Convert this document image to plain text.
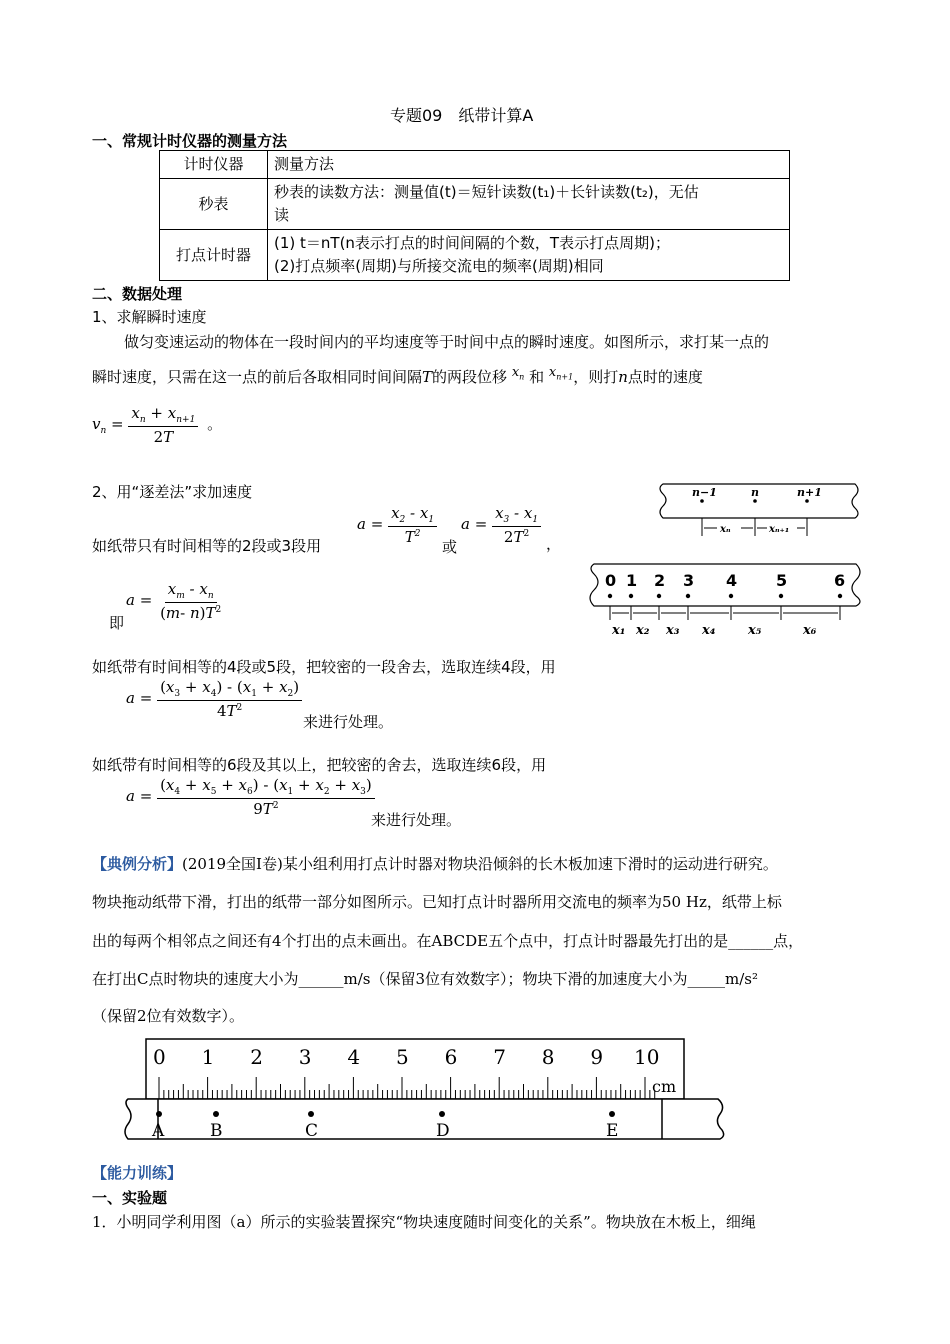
专题09　纸带计算A
一、常规计时仪器的测量方法
计时仪器	测量方法
秒表	秒表的读数方法：测量值(t)＝短针读数(t₁)＋长针读数(t₂)，无估
读

打点计时器	(1) t＝nT(n表示打点的时间间隔的个数，T表示打点周期)；
(2)打点频率(周期)与所接交流电的频率(周期)相同
二、数据处理
1、求解瞬时速度
做匀变速运动的物体在一段时间内的平均速度等于时间中点的瞬时速度。如图所示，求打某一点的
瞬时速度，只需在这一点的前后各取相同时间间隔T的两段位移 $x_n$ 和 $x_{n+1}$，则打n点时的速度
$v_n = \frac{x_n + x_{n+1}}{2T}$ 。
2、用“逐差法”求加速度
如纸带只有时间相等的2段或3段用
$a = \frac{x_2 - x_1}{T^2}$
或
$a = \frac{x_3 - x_1}{2T^2}$ ，
$a = \frac{x_m - x_n}{(m- n)T^2}$
即
如纸带有时间相等的4段或5段，把较密的一段舍去，选取连续4段，用
$a = \frac{(x_3 + x_4) - (x_1 + x_2)}{4T^2}$
来进行处理。
如纸带有时间相等的6段及其以上，把较密的舍去，选取连续6段，用
$a = \frac{(x_4 + x_5 + x_6) - (x_1 + x_2 + x_3)}{9T^2}$
来进行处理。
n−1	n	n+1
xₙ	xₙ₊₁
0 1 2 3 4 5	6
x₁ x₂ x₃ x₄	x₅	x₆
【典例分析】(2019全国Ⅰ卷)某小组利用打点计时器对物块沿倾斜的长木板加速下滑时的运动进行研究。
物块拖动纸带下滑，打出的纸带一部分如图所示。已知打点计时器所用交流电的频率为50 Hz，纸带上标
出的每两个相邻点之间还有4个打出的点未画出。在ABCDE五个点中，打点计时器最先打出的是______点，
在打出C点时物块的速度大小为______m/s（保留3位有效数字）；物块下滑的加速度大小为_____m/s²
（保留2位有效数字）。
0 1 2 3 4 5 6 7 8 9 10
cm
A	B	C	D	E
【能力训练】
一、实验题
1．小明同学利用图（a）所示的实验装置探究“物块速度随时间变化的关系”。物块放在木板上，细绳
